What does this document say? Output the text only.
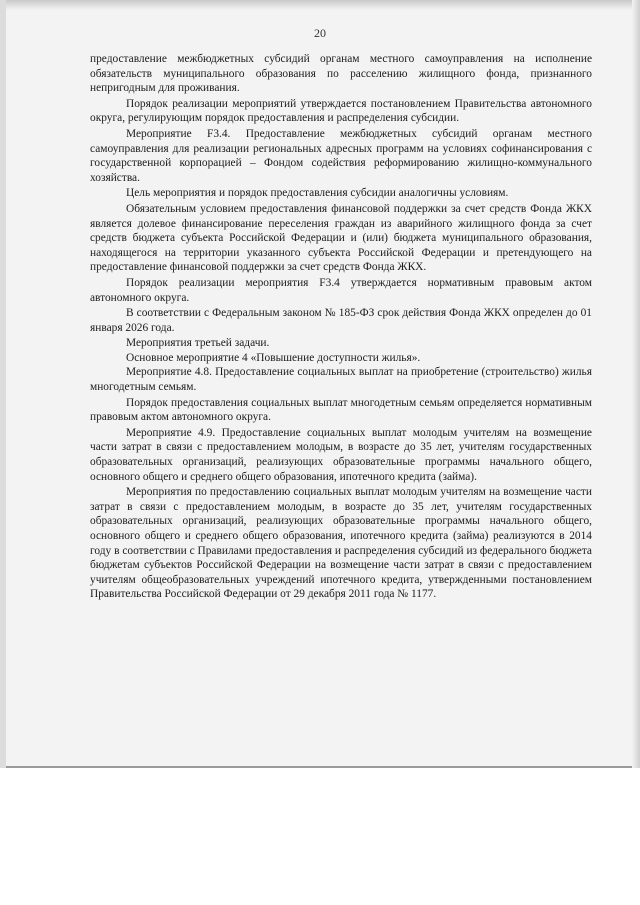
20

предоставление межбюджетных субсидий органам местного самоуправления на исполнение обязательств муниципального образования по расселению жилищного фонда, признанного непригодным для проживания.

Порядок реализации мероприятий утверждается постановлением Правительства автономного округа, регулирующим порядок предоставления и распределения субсидии.

Мероприятие F3.4. Предоставление межбюджетных субсидий органам местного самоуправления для реализации региональных адресных программ на условиях софинансирования с государственной корпорацией – Фондом содействия реформированию жилищно-коммунального хозяйства.

Цель мероприятия и порядок предоставления субсидии аналогичны условиям.

Обязательным условием предоставления финансовой поддержки за счет средств Фонда ЖКХ является долевое финансирование переселения граждан из аварийного жилищного фонда за счет средств бюджета субъекта Российской Федерации и (или) бюджета муниципального образования, находящегося на территории указанного субъекта Российской Федерации и претендующего на предоставление финансовой поддержки за счет средств Фонда ЖКХ.

Порядок реализации мероприятия F3.4 утверждается нормативным правовым актом автономного округа.

В соответствии с Федеральным законом № 185-ФЗ срок действия Фонда ЖКХ определен до 01 января 2026 года.

Мероприятия третьей задачи.

Основное мероприятие 4 «Повышение доступности жилья».

Мероприятие 4.8. Предоставление социальных выплат на приобретение (строительство) жилья многодетным семьям.

Порядок предоставления социальных выплат многодетным семьям определяется нормативным правовым актом автономного округа.

Мероприятие 4.9. Предоставление социальных выплат молодым учителям на возмещение части затрат в связи с предоставлением молодым, в возрасте до 35 лет, учителям государственных образовательных организаций, реализующих образовательные программы начального общего, основного общего и среднего общего образования, ипотечного кредита (займа).

Мероприятия по предоставлению социальных выплат молодым учителям на возмещение части затрат в связи с предоставлением молодым, в возрасте до 35 лет, учителям государственных образовательных организаций, реализующих образовательные программы начального общего, основного общего и среднего общего образования, ипотечного кредита (займа) реализуются в 2014 году в соответствии с Правилами предоставления и распределения субсидий из федерального бюджета бюджетам субъектов Российской Федерации на возмещение части затрат в связи с предоставлением учителям общеобразовательных учреждений ипотечного кредита, утвержденными постановлением Правительства Российской Федерации от 29 декабря 2011 года № 1177.
